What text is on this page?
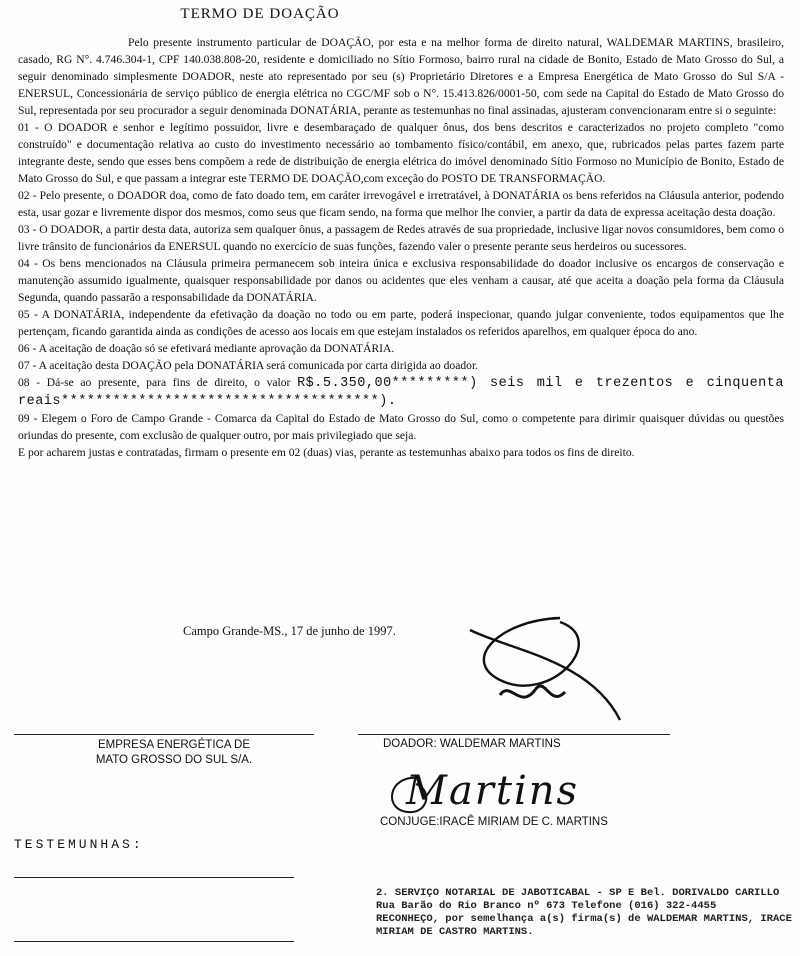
TERMO DE DOAÇÃO

Pelo presente instrumento particular de DOAÇÃO, por esta e na melhor forma de direito natural, WALDEMAR MARTINS, brasileiro, casado, RG N°. 4.746.304-1, CPF 140.038.808-20, residente e domiciliado no Sítio Formoso, bairro rural na cidade de Bonito, Estado de Mato Grosso do Sul, a seguir denominado simplesmente DOADOR, neste ato representado por seu (s) Proprietário Diretores e a Empresa Energética de Mato Grosso do Sul S/A - ENERSUL, Concessionária de serviço público de energia elétrica no CGC/MF sob o N°. 15.413.826/0001-50, com sede na Capital do Estado de Mato Grosso do Sul, representada por seu procurador a seguir denominada DONATÁRIA, perante as testemunhas no final assinadas, ajusteram convencionaram entre si o seguinte:

01 - O DOADOR e senhor e legítimo possuidor, livre e desembaraçado de qualquer ônus, dos bens descritos e caracterizados no projeto completo "como construído" e documentação relativa ao custo do investimento necessário ao tombamento físico/contábil, em anexo, que, rubricados pelas partes fazem parte integrante deste, sendo que esses bens compõem a rede de distribuição de energia elétrica do imóvel denominado Sítio Formoso no Município de Bonito, Estado de Mato Grosso do Sul, e que passam a integrar este TERMO DE DOAÇÃO,com exceção do POSTO DE TRANSFORMAÇÃO.

02 - Pelo presente, o DOADOR doa, como de fato doado tem, em caráter irrevogável e irretratável, à DONATÁRIA os bens referidos na Cláusula anterior, podendo esta, usar gozar e livremente dispor dos mesmos, como seus que ficam sendo, na forma que melhor lhe convier, a partir da data de expressa aceitação desta doação.

03 - O DOADOR, a partir desta data, autoriza sem qualquer ônus, a passagem de Redes através de sua propriedade, inclusive ligar novos consumidores, bem como o livre trânsito de funcionários da ENERSUL quando no exercício de suas funções, fazendo valer o presente perante seus herdeiros ou sucessores.

04 - Os bens mencionados na Cláusula primeira permanecem sob inteira única e exclusiva responsabilidade do doador inclusive os encargos de conservação e manutenção assumido igualmente, quaisquer responsabilidade por danos ou acidentes que eles venham a causar, até que aceita a doação pela forma da Cláusula Segunda, quando passarão a responsabilidade da DONATÁRIA.

05 - A DONATÁRIA, independente da efetivação da doação no todo ou em parte, poderá inspecionar, quando julgar conveniente, todos equipamentos que lhe pertençam, ficando garantida ainda as condições de acesso aos locais em que estejam instalados os referidos aparelhos, em qualquer época do ano.

06 - A aceitação de doação só se efetivará mediante aprovação da DONATÁRIA.

07 - A aceitação desta DOAÇÃO pela DONATÁRIA será comunicada por carta dirigida ao doador.

08 - Dá-se ao presente, para fins de direito, o valor R$.5.350,00*********) seis mil e trezentos e cinquenta reais*************************************).

09 - Elegem o Foro de Campo Grande - Comarca da Capital do Estado de Mato Grosso do Sul, como o competente para dirimir quaisquer dúvidas ou questões oriundas do presente, com exclusão de qualquer outro, por mais privilegiado que seja.

E por acharem justas e contratadas, firmam o presente em 02 (duas) vias, perante as testemunhas abaixo para todos os fins de direito.

Campo Grande-MS., 17 de junho de 1997.
EMPRESA ENERGÉTICA DE
MATO GROSSO DO SUL S/A.
DOADOR: WALDEMAR MARTINS
Martins
CONJUGE:IRACÊ MIRIAM DE C. MARTINS
TESTEMUNHAS:
2. SERVIÇO NOTARIAL DE JABOTICABAL - SP E Bel. DORIVALDO CARILLO
Rua Barão do Rio Branco nº 673 Telefone (016) 322-4455
RECONHEÇO, por semelhança a(s) firma(s) de WALDEMAR MARTINS, IRACE
MIRIAM DE CASTRO MARTINS.
